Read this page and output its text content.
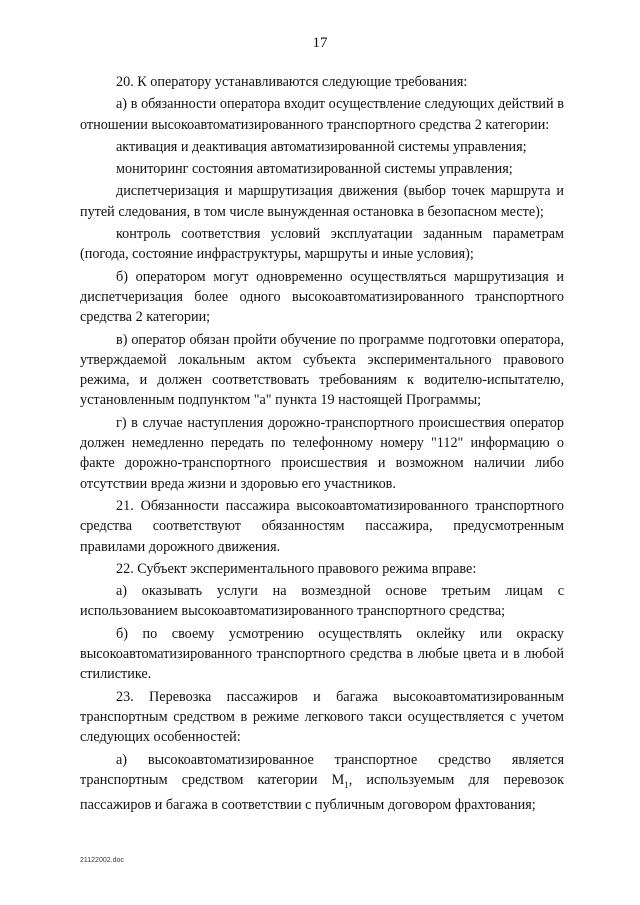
17

20. К оператору устанавливаются следующие требования:

а) в обязанности оператора входит осуществление следующих действий в отношении высокоавтоматизированного транспортного средства 2 категории:

активация и деактивация автоматизированной системы управления;

мониторинг состояния автоматизированной системы управления;

диспетчеризация и маршрутизация движения (выбор точек маршрута и путей следования, в том числе вынужденная остановка в безопасном месте);

контроль соответствия условий эксплуатации заданным параметрам (погода, состояние инфраструктуры, маршруты и иные условия);

б) оператором могут одновременно осуществляться маршрутизация и диспетчеризация более одного высокоавтоматизированного транспортного средства 2 категории;

в) оператор обязан пройти обучение по программе подготовки оператора, утверждаемой локальным актом субъекта экспериментального правового режима, и должен соответствовать требованиям к водителю-испытателю, установленным подпунктом "а" пункта 19 настоящей Программы;

г) в случае наступления дорожно-транспортного происшествия оператор должен немедленно передать по телефонному номеру "112" информацию о факте дорожно-транспортного происшествия и возможном наличии либо отсутствии вреда жизни и здоровью его участников.

21. Обязанности пассажира высокоавтоматизированного транспортного средства соответствуют обязанностям пассажира, предусмотренным правилами дорожного движения.

22. Субъект экспериментального правового режима вправе:

а) оказывать услуги на возмездной основе третьим лицам с использованием высокоавтоматизированного транспортного средства;

б) по своему усмотрению осуществлять оклейку или окраску высокоавтоматизированного транспортного средства в любые цвета и в любой стилистике.

23. Перевозка пассажиров и багажа высокоавтоматизированным транспортным средством в режиме легкового такси осуществляется с учетом следующих особенностей:

а) высокоавтоматизированное транспортное средство является транспортным средством категории $M_1$, используемым для перевозок пассажиров и багажа в соответствии с публичным договором фрахтования;

21122002.doc
